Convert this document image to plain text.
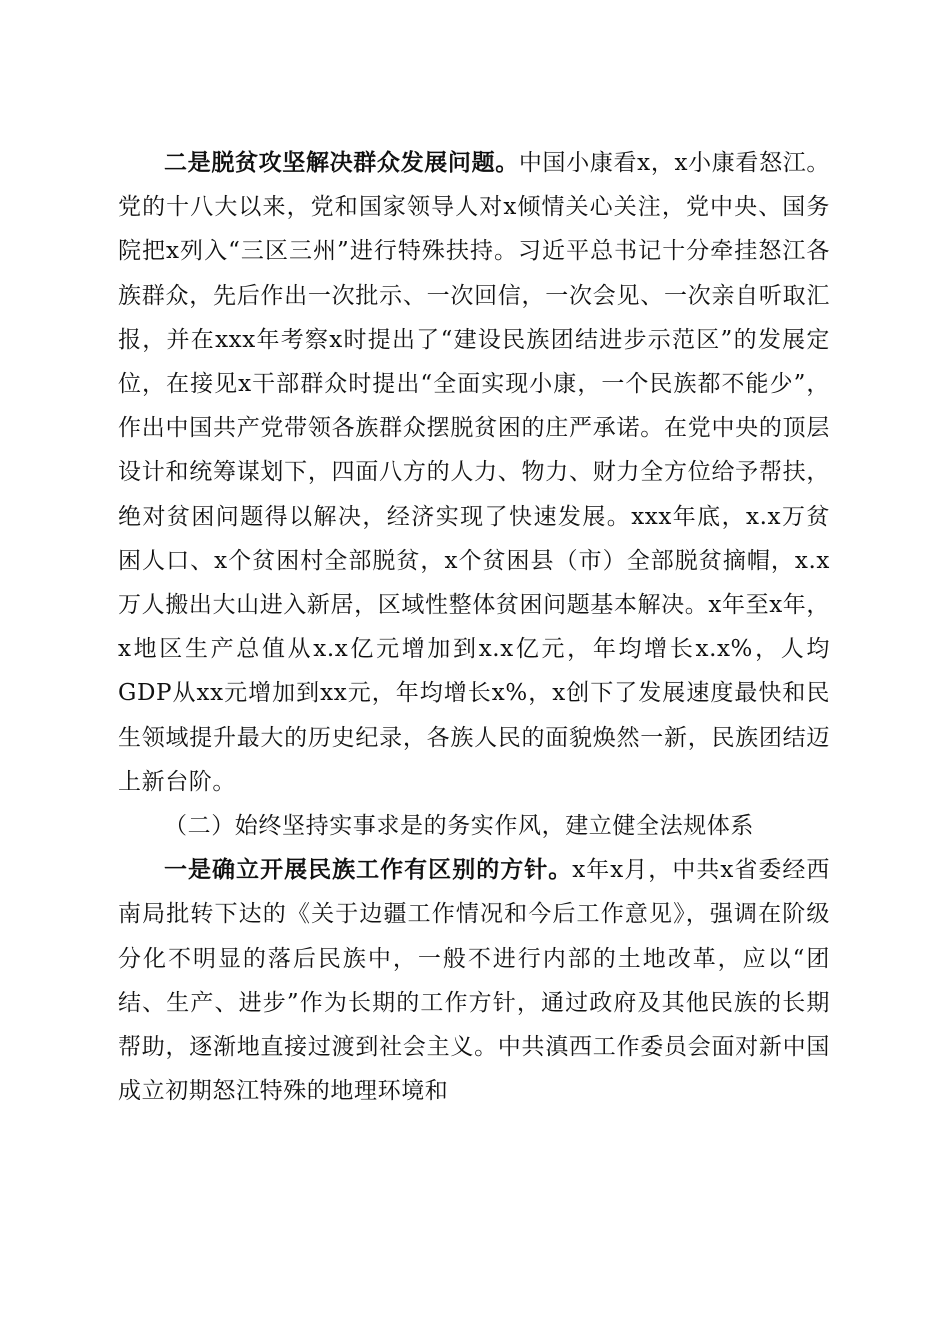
二是脱贫攻坚解决群众发展问题。中国小康看x，x小康看怒江。党的十八大以来，党和国家领导人对x倾情关心关注，党中央、国务院把x列入“三区三州”进行特殊扶持。习近平总书记十分牵挂怒江各族群众，先后作出一次批示、一次回信，一次会见、一次亲自听取汇报，并在xxx年考察x时提出了“建设民族团结进步示范区”的发展定位，在接见x干部群众时提出“全面实现小康，一个民族都不能少”，作出中国共产党带领各族群众摆脱贫困的庄严承诺。在党中央的顶层设计和统筹谋划下，四面八方的人力、物力、财力全方位给予帮扶，绝对贫困问题得以解决，经济实现了快速发展。xxx年底，x.x万贫困人口、x个贫困村全部脱贫，x个贫困县（市）全部脱贫摘帽，x.x万人搬出大山进入新居，区域性整体贫困问题基本解决。x年至x年，x地区生产总值从x.x亿元增加到x.x亿元，年均增长x.x%，人均GDP从xx元增加到xx元，年均增长x%，x创下了发展速度最快和民生领域提升最大的历史纪录，各族人民的面貌焕然一新，民族团结迈上新台阶。

（二）始终坚持实事求是的务实作风，建立健全法规体系

一是确立开展民族工作有区别的方针。x年x月，中共x省委经西南局批转下达的《关于边疆工作情况和今后工作意见》，强调在阶级分化不明显的落后民族中，一般不进行内部的土地改革，应以“团结、生产、进步”作为长期的工作方针，通过政府及其他民族的长期帮助，逐渐地直接过渡到社会主义。中共滇西工作委员会面对新中国成立初期怒江特殊的地理环境和
